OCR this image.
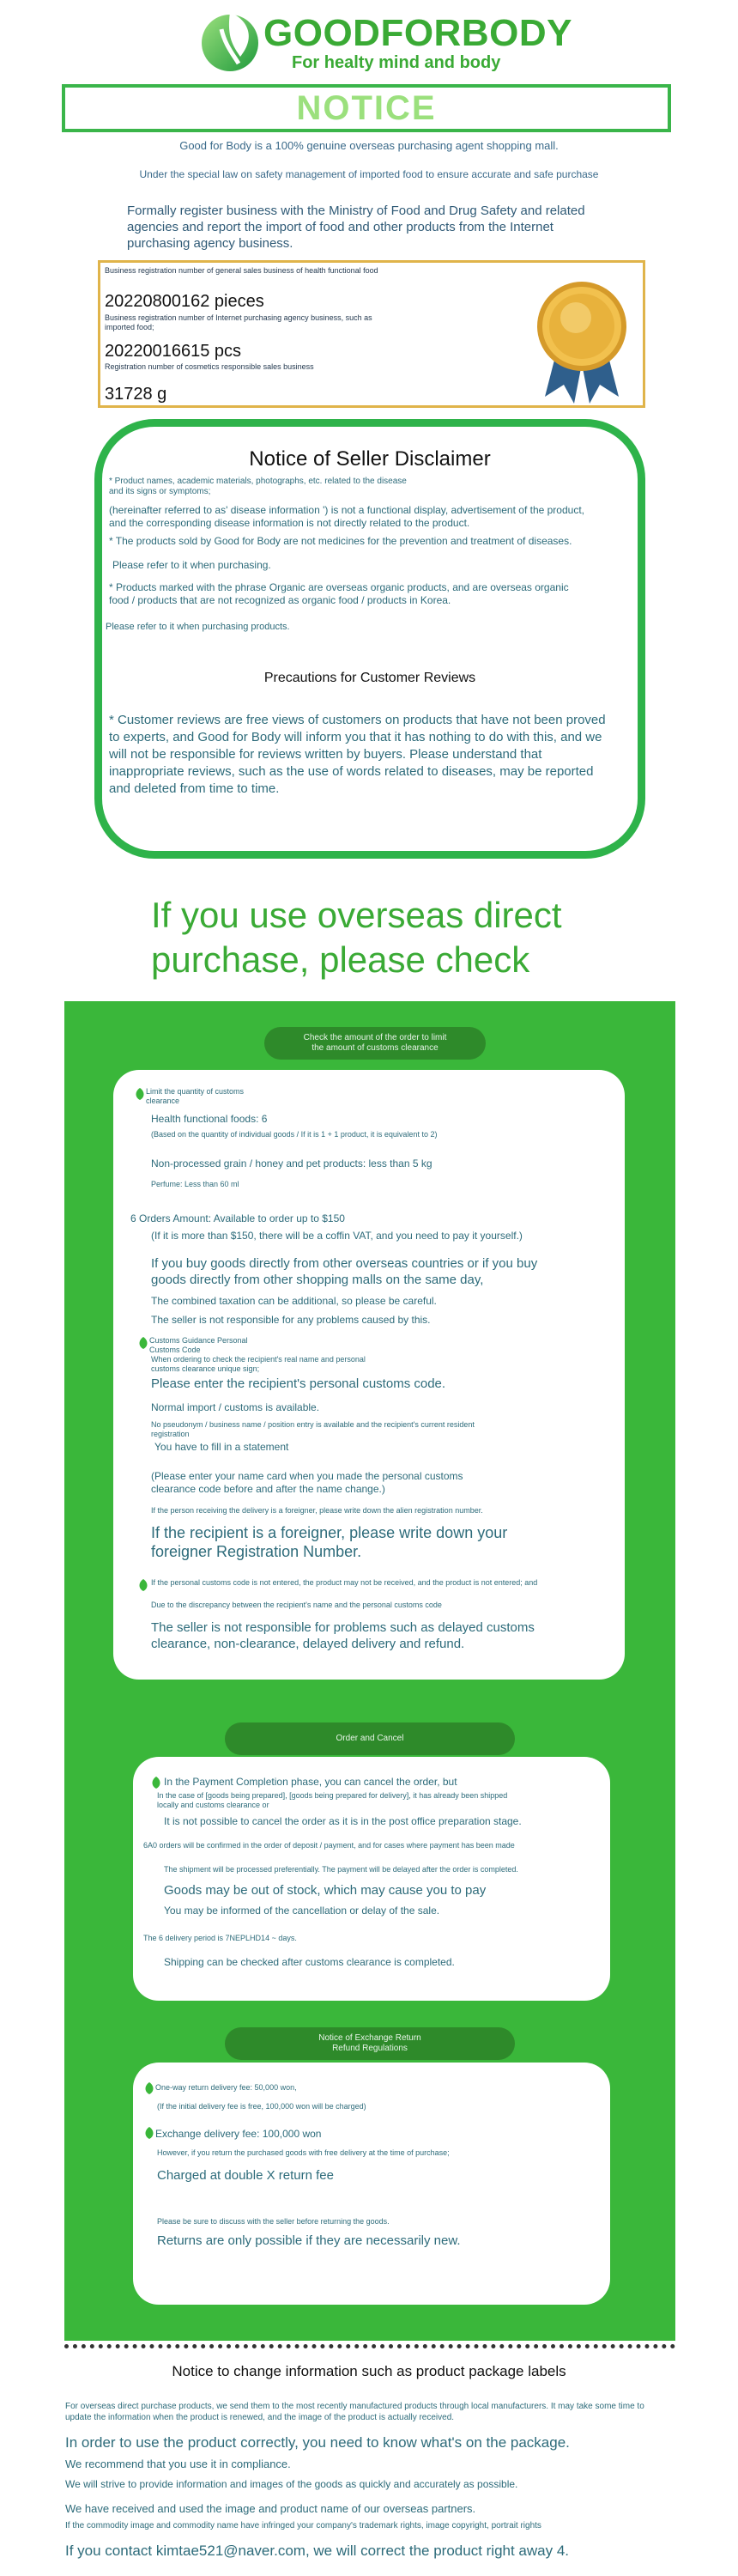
GOODFORBODY
For healty mind and body
NOTICE
Good for Body is a 100% genuine overseas purchasing agent shopping mall.
Under the special law on safety management of imported food to ensure accurate and safe purchase
Formally register business with the Ministry of Food and Drug Safety and related agencies and report the import of food and other products from the Internet purchasing agency business.
Business registration number of general sales business of health functional food
20220800162 pieces
Business registration number of Internet purchasing agency business, such as imported food;
20220016615 pcs
Registration number of cosmetics responsible sales business
31728 g
Notice of Seller Disclaimer
* Product names, academic materials, photographs, etc. related to the disease and its signs or symptoms;
(hereinafter referred to as' disease information ') is not a functional display, advertisement of the product, and the corresponding disease information is not directly related to the product.
* The products sold by Good for Body are not medicines for the prevention and treatment of diseases.
Please refer to it when purchasing.
* Products marked with the phrase Organic are overseas organic products, and are overseas organic food / products that are not recognized as organic food / products in Korea.
Please refer to it when purchasing products.
Precautions for Customer Reviews
* Customer reviews are free views of customers on products that have not been proved to experts, and Good for Body will inform you that it has nothing to do with this, and we will not be responsible for reviews written by buyers. Please understand that inappropriate reviews, such as the use of words related to diseases, may be reported and deleted from time to time.
If you use overseas direct purchase, please check
Check the amount of the order to limit the amount of customs clearance
Limit the quantity of customs clearance
Health functional foods: 6
(Based on the quantity of individual goods / If it is 1 + 1 product, it is equivalent to 2)
Non-processed grain / honey and pet products: less than 5 kg
Perfume: Less than 60 ml
6 Orders Amount: Available to order up to $150
(If it is more than $150, there will be a coffin VAT, and you need to pay it yourself.)
If you buy goods directly from other overseas countries or if you buy goods directly from other shopping malls on the same day,
The combined taxation can be additional, so please be careful.
The seller is not responsible for any problems caused by this.
Customs Guidance Personal Customs Code
When ordering to check the recipient's real name and personal customs clearance unique sign;
Please enter the recipient's personal customs code.
Normal import / customs is available.
No pseudonym / business name / position entry is available and the recipient's current resident registration
You have to fill in a statement
(Please enter your name card when you made the personal customs clearance code before and after the name change.)
If the person receiving the delivery is a foreigner, please write down the alien registration number.
If the recipient is a foreigner, please write down your foreigner Registration Number.
If the personal customs code is not entered, the product may not be received, and the product is not entered; and
Due to the discrepancy between the recipient's name and the personal customs code
The seller is not responsible for problems such as delayed customs clearance, non-clearance, delayed delivery and refund.
Order and Cancel
In the Payment Completion phase, you can cancel the order, but
In the case of [goods being prepared], [goods being prepared for delivery], it has already been shipped locally and customs clearance or
It is not possible to cancel the order as it is in the post office preparation stage.
6A0 orders will be confirmed in the order of deposit / payment, and for cases where payment has been made
The shipment will be processed preferentially. The payment will be delayed after the order is completed.
Goods may be out of stock, which may cause you to pay
You may be informed of the cancellation or delay of the sale.
The 6 delivery period is 7NEPLHD14 ~ days.
Shipping can be checked after customs clearance is completed.
Notice of Exchange Return Refund Regulations
One-way return delivery fee: 50,000 won,
(If the initial delivery fee is free, 100,000 won will be charged)
Exchange delivery fee: 100,000 won
However, if you return the purchased goods with free delivery at the time of purchase;
Charged at double X return fee
Please be sure to discuss with the seller before returning the goods.
Returns are only possible if they are necessarily new.
Notice to change information such as product package labels
For overseas direct purchase products, we send them to the most recently manufactured products through local manufacturers. It may take some time to update the information when the product is renewed, and the image of the product is actually received.
In order to use the product correctly, you need to know what's on the package.
We recommend that you use it in compliance.
We will strive to provide information and images of the goods as quickly and accurately as possible.
We have received and used the image and product name of our overseas partners.
If the commodity image and commodity name have infringed your company's trademark rights, image copyright, portrait rights
If you contact kimtae521@naver.com, we will correct the product right away 4.
